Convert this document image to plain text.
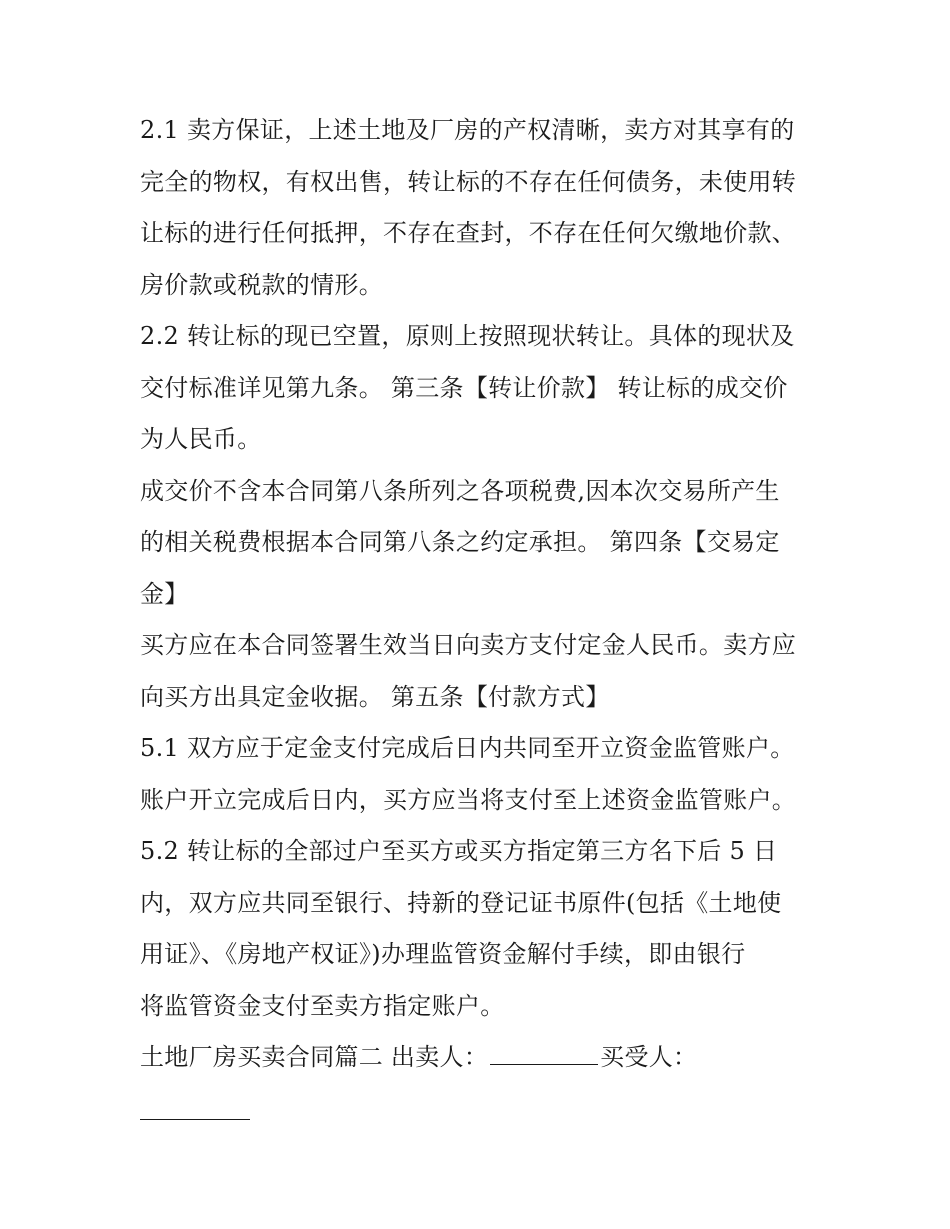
2.1 卖方保证，上述土地及厂房的产权清晰，卖方对其享有的
完全的物权，有权出售，转让标的不存在任何债务，未使用转
让标的进行任何抵押，不存在查封，不存在任何欠缴地价款、
房价款或税款的情形。
2.2 转让标的现已空置，原则上按照现状转让。具体的现状及
交付标准详见第九条。 第三条【转让价款】 转让标的成交价
为人民币。
成交价不含本合同第八条所列之各项税费,因本次交易所产生
的相关税费根据本合同第八条之约定承担。 第四条【交易定
金】
买方应在本合同签署生效当日向卖方支付定金人民币。卖方应
向买方出具定金收据。 第五条【付款方式】
5.1 双方应于定金支付完成后日内共同至开立资金监管账户。
账户开立完成后日内，买方应当将支付至上述资金监管账户。
5.2 转让标的全部过户至买方或买方指定第三方名下后 5 日
内，双方应共同至银行、持新的登记证书原件(包括《土地使
用证》、《房地产权证》)办理监管资金解付手续，即由银行
将监管资金支付至卖方指定账户。
土地厂房买卖合同篇二 出卖人：	买受人：
